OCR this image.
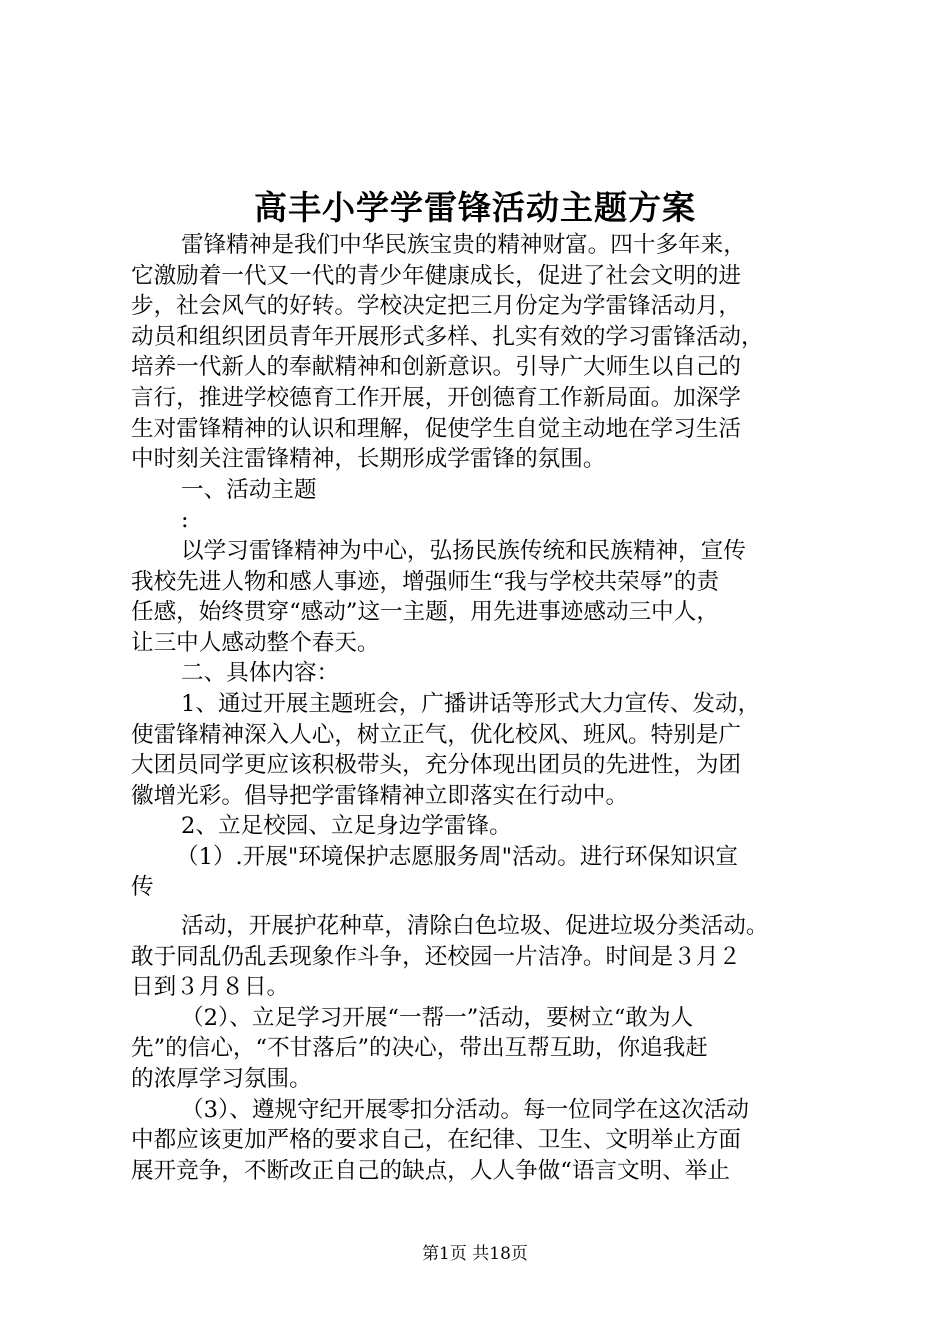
高丰小学学雷锋活动主题方案
雷锋精神是我们中华民族宝贵的精神财富。四十多年来，
它激励着一代又一代的青少年健康成长，促进了社会文明的进
步，社会风气的好转。学校决定把三月份定为学雷锋活动月，
动员和组织团员青年开展形式多样、扎实有效的学习雷锋活动，
培养一代新人的奉献精神和创新意识。引导广大师生以自己的
言行，推进学校德育工作开展，开创德育工作新局面。加深学
生对雷锋精神的认识和理解，促使学生自觉主动地在学习生活
中时刻关注雷锋精神，长期形成学雷锋的氛围。
一、活动主题
:
以学习雷锋精神为中心，弘扬民族传统和民族精神，宣传
我校先进人物和感人事迹，增强师生“我与学校共荣辱”的责
任感，始终贯穿“感动”这一主题，用先进事迹感动三中人，
让三中人感动整个春天。
二、具体内容：
1、通过开展主题班会，广播讲话等形式大力宣传、发动，
使雷锋精神深入人心，树立正气，优化校风、班风。特别是广
大团员同学更应该积极带头，充分体现出团员的先进性，为团
徽增光彩。倡导把学雷锋精神立即落实在行动中。
2、立足校园、立足身边学雷锋。
（1）.开展"环境保护志愿服务周"活动。进行环保知识宣
传
活动，开展护花种草，清除白色垃圾、促进垃圾分类活动。
敢于同乱仍乱丢现象作斗争，还校园一片洁净。时间是３月２
日到３月８日。
（2）、立足学习开展“一帮一”活动，要树立“敢为人
先”的信心，“不甘落后”的决心，带出互帮互助，你追我赶
的浓厚学习氛围。
（3）、遵规守纪开展零扣分活动。每一位同学在这次活动
中都应该更加严格的要求自己，在纪律、卫生、文明举止方面
展开竞争，不断改正自己的缺点，人人争做“语言文明、举止
第1页 共18页
